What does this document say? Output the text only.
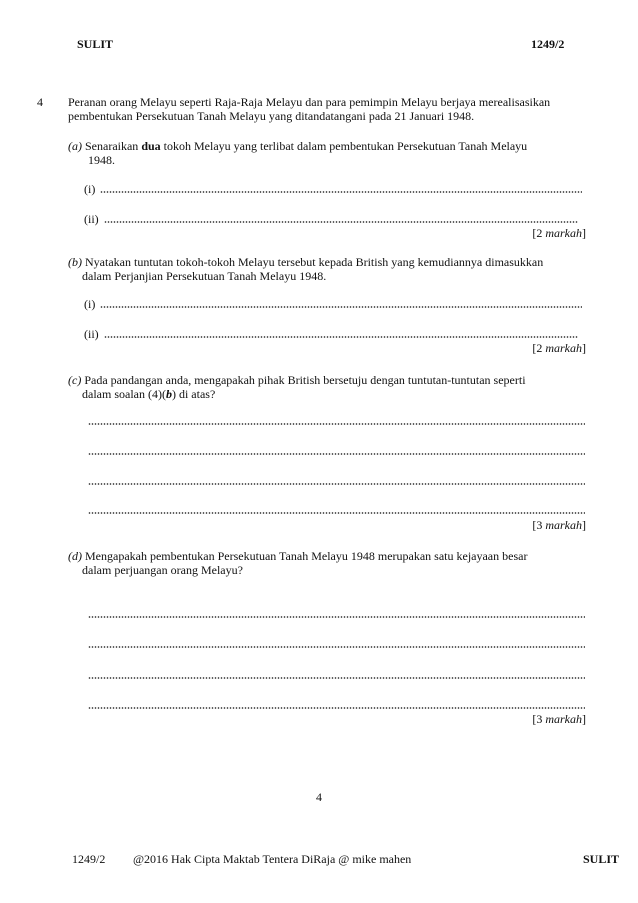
SULIT	1249/2
4 Peranan orang Melayu seperti Raja-Raja Melayu dan para pemimpin Melayu berjaya merealisasikan
pembentukan Persekutuan Tanah Melayu yang ditandatangani pada 21 Januari 1948.
(a) Senaraikan dua tokoh Melayu yang terlibat dalam pembentukan Persekutuan Tanah Melayu
1948.
(i)
(ii)
[2 markah]
(b) Nyatakan tuntutan tokoh-tokoh Melayu tersebut kepada British yang kemudiannya dimasukkan
dalam Perjanjian Persekutuan Tanah Melayu 1948.
(i)
(ii)
[2 markah]
(c) Pada pandangan anda, mengapakah pihak British bersetuju dengan tuntutan-tuntutan seperti
dalam soalan (4)(b) di atas?
[3 markah]
(d) Mengapakah pembentukan Persekutuan Tanah Melayu 1948 merupakan satu kejayaan besar
dalam perjuangan orang Melayu?
[3 markah]
4
1249/2 @2016 Hak Cipta Maktab Tentera DiRaja @ mike mahen	SULIT
